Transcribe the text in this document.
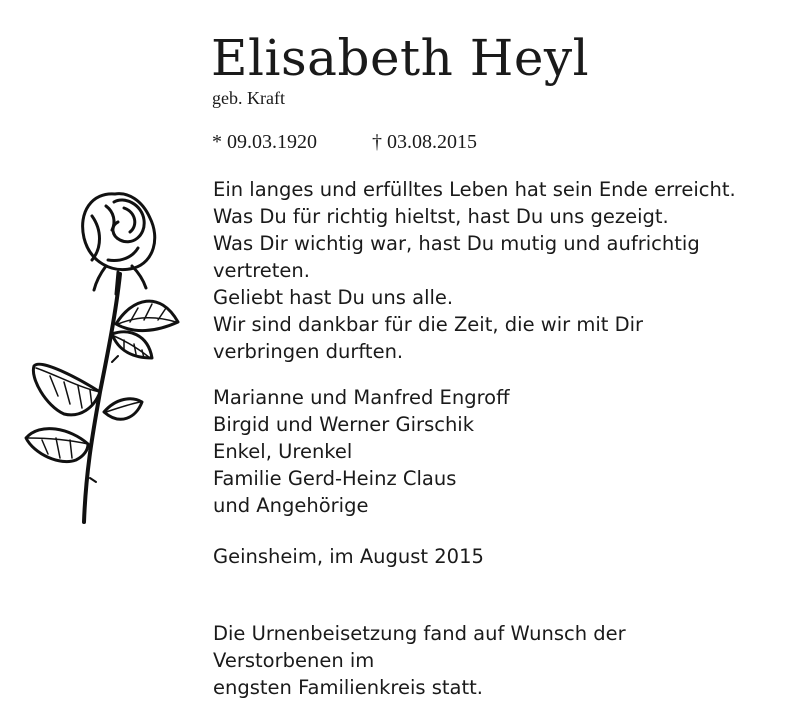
Elisabeth Heyl
geb. Kraft
* 09.03.1920	† 03.08.2015
Ein langes und erfülltes Leben hat sein Ende erreicht.
Was Du für richtig hieltst, hast Du uns gezeigt.
Was Dir wichtig war, hast Du mutig und aufrichtig
vertreten.
Geliebt hast Du uns alle.
Wir sind dankbar für die Zeit, die wir mit Dir
verbringen durften.
Marianne und Manfred Engroff
Birgid und Werner Girschik
Enkel, Urenkel
Familie Gerd-Heinz Claus
und Angehörige
Geinsheim, im August 2015
Die Urnenbeisetzung fand auf Wunsch der
Verstorbenen im
engsten Familienkreis statt.
